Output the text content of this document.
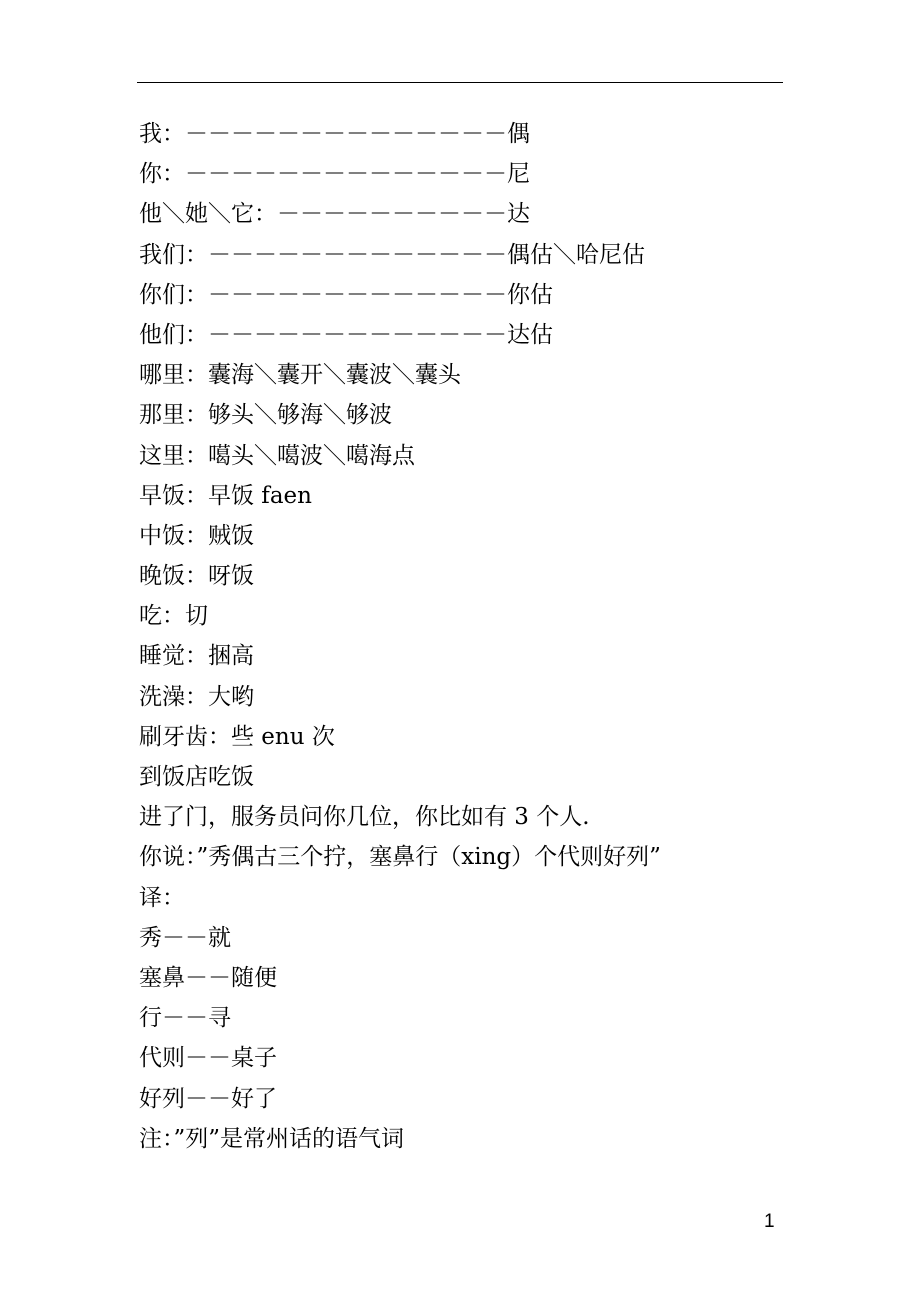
我：－－－－－－－－－－－－－－偶
你：－－－－－－－－－－－－－－尼
他＼她＼它：－－－－－－－－－－达
我们：－－－－－－－－－－－－－偶估＼哈尼估
你们：－－－－－－－－－－－－－你估
他们：－－－－－－－－－－－－－达估
哪里：囊海＼囊开＼囊波＼囊头
那里：够头＼够海＼够波
这里：噶头＼噶波＼噶海点
早饭：早饭 faen
中饭：贼饭
晚饭：呀饭
吃：切
睡觉：捆高
洗澡：大哟
刷牙齿：些 enu 次
到饭店吃饭
进了门，服务员问你几位，你比如有 3 个人.
你说：”秀偶古三个拧，塞鼻行（xing）个代则好列”
译：
秀－－就
塞鼻－－随便
行－－寻
代则－－桌子
好列－－好了
注：”列”是常州话的语气词
1
